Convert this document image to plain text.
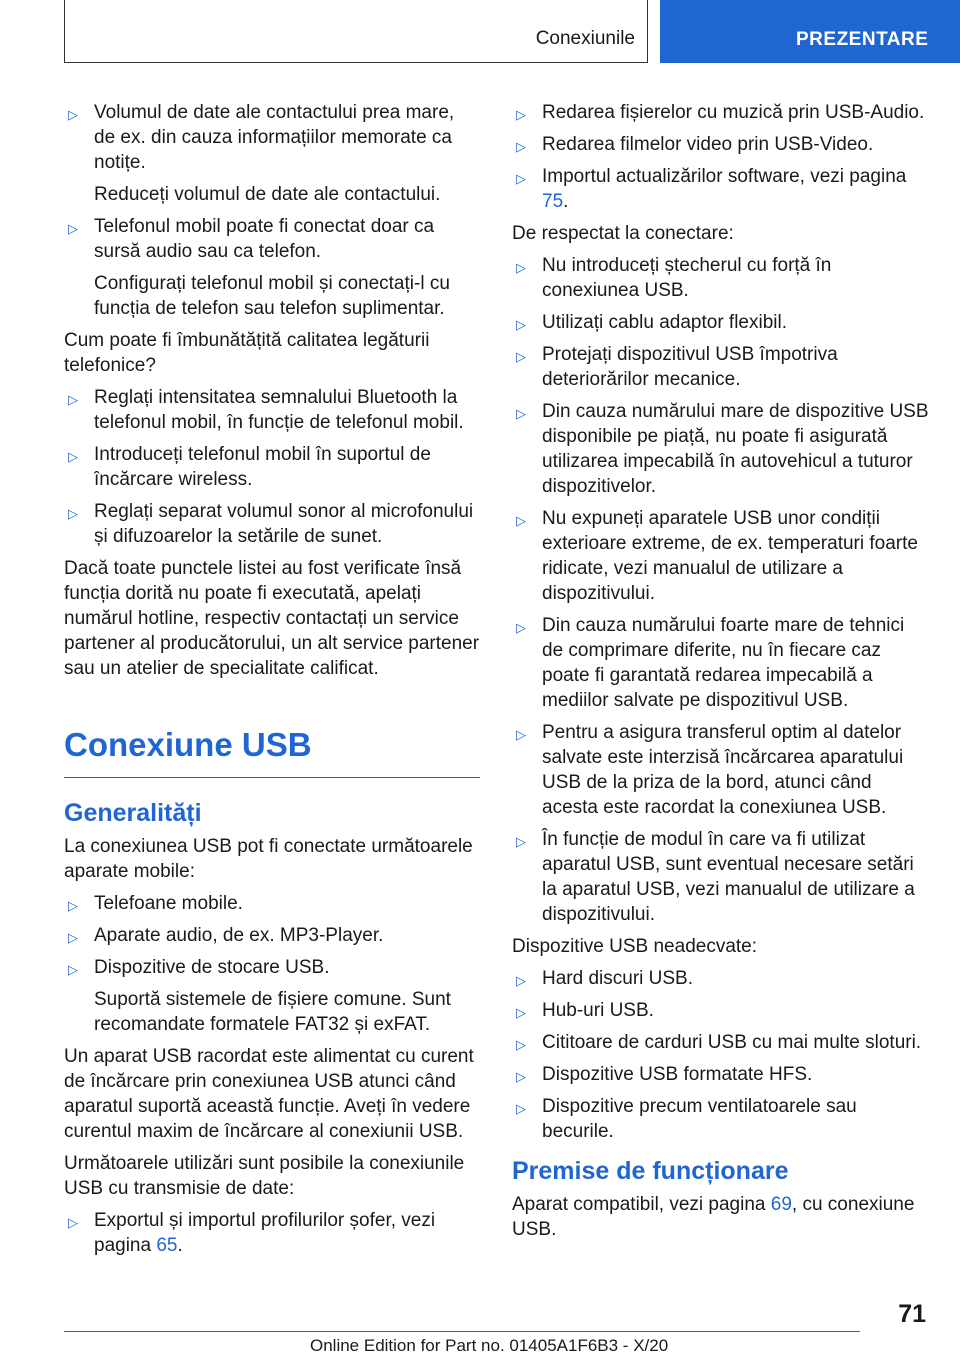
Conexiunile	PREZENTARE
▷ Volumul de date ale contactului prea mare, de ex. din cauza informațiilor memorate ca notițe.
Reduceți volumul de date ale contactului.
▷ Telefonul mobil poate fi conectat doar ca sursă audio sau ca telefon.
Configurați telefonul mobil și conectați-l cu funcția de telefon sau telefon suplimentar.
Cum poate fi îmbunătățită calitatea legăturii telefonice?
▷ Reglați intensitatea semnalului Bluetooth la telefonul mobil, în funcție de telefonul mobil.
▷ Introduceți telefonul mobil în suportul de încărcare wireless.
▷ Reglați separat volumul sonor al microfonului și difuzoarelor la setările de sunet.
Dacă toate punctele listei au fost verificate însă funcția dorită nu poate fi executată, apelați numărul hotline, respectiv contactați un service partener al producătorului, un alt service partener sau un atelier de specialitate calificat.
Conexiune USB
Generalități
La conexiunea USB pot fi conectate următoarele aparate mobile:
▷ Telefoane mobile.
▷ Aparate audio, de ex. MP3-Player.
▷ Dispozitive de stocare USB.
Suportă sistemele de fișiere comune. Sunt recomandate formatele FAT32 și exFAT.
Un aparat USB racordat este alimentat cu curent de încărcare prin conexiunea USB atunci când aparatul suportă această funcție. Aveți în vedere curentul maxim de încărcare al conexiunii USB.
Următoarele utilizări sunt posibile la conexiunile USB cu transmisie de date:
▷ Exportul și importul profilurilor șofer, vezi pagina 65.
▷ Redarea fișierelor cu muzică prin USB-Audio.
▷ Redarea filmelor video prin USB-Video.
▷ Importul actualizărilor software, vezi pagina 75.
De respectat la conectare:
▷ Nu introduceți ștecherul cu forță în conexiunea USB.
▷ Utilizați cablu adaptor flexibil.
▷ Protejați dispozitivul USB împotriva deteriorărilor mecanice.
▷ Din cauza numărului mare de dispozitive USB disponibile pe piață, nu poate fi asigurată utilizarea impecabilă în autovehicul a tuturor dispozitivelor.
▷ Nu expuneți aparatele USB unor condiții exterioare extreme, de ex. temperaturi foarte ridicate, vezi manualul de utilizare a dispozitivului.
▷ Din cauza numărului foarte mare de tehnici de comprimare diferite, nu în fiecare caz poate fi garantată redarea impecabilă a mediilor salvate pe dispozitivul USB.
▷ Pentru a asigura transferul optim al datelor salvate este interzisă încărcarea aparatului USB de la priza de la bord, atunci când acesta este racordat la conexiunea USB.
▷ În funcție de modul în care va fi utilizat aparatul USB, sunt eventual necesare setări la aparatul USB, vezi manualul de utilizare a dispozitivului.
Dispozitive USB neadecvate:
▷ Hard discuri USB.
▷ Hub-uri USB.
▷ Cititoare de carduri USB cu mai multe sloturi.
▷ Dispozitive USB formatate HFS.
▷ Dispozitive precum ventilatoarele sau becurile.
Premise de funcționare
Aparat compatibil, vezi pagina 69, cu conexiune USB.
71
Online Edition for Part no. 01405A1F6B3 - X/20
